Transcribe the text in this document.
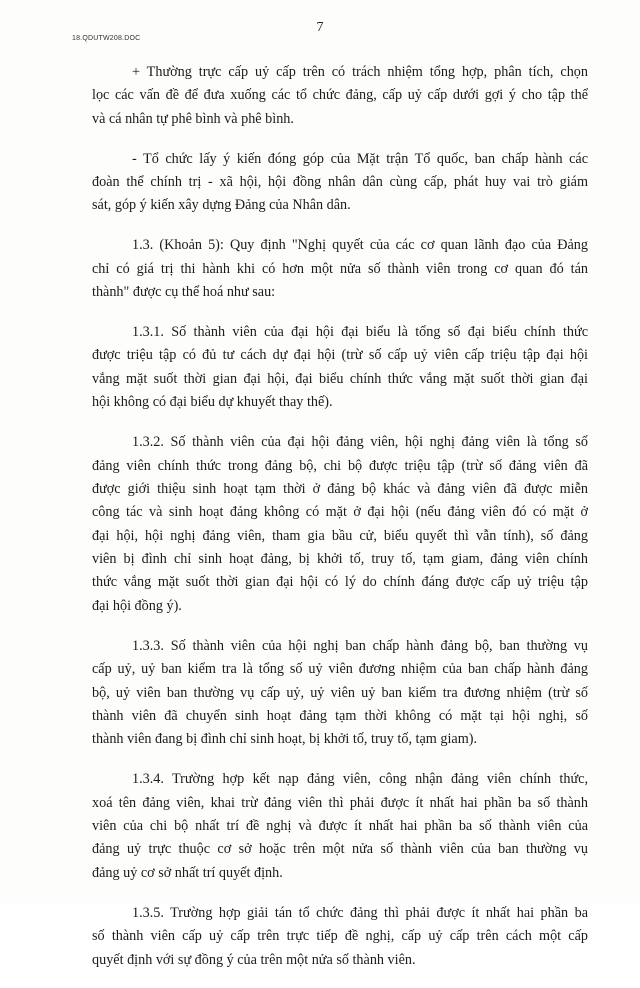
18.QDUTW208.DOC
7
+ Thường trực cấp uỷ cấp trên có trách nhiệm tổng hợp, phân tích, chọn
lọc các vấn đề để đưa xuống các tổ chức đảng, cấp uỷ cấp dưới gợi ý cho tập thể
và cá nhân tự phê bình và phê bình.
- Tổ chức lấy ý kiến đóng góp của Mặt trận Tổ quốc, ban chấp hành các
đoàn thể chính trị - xã hội, hội đồng nhân dân cùng cấp, phát huy vai trò giám
sát, góp ý kiến xây dựng Đảng của Nhân dân.
1.3. (Khoản 5): Quy định "Nghị quyết của các cơ quan lãnh đạo của Đảng
chỉ có giá trị thi hành khi có hơn một nửa số thành viên trong cơ quan đó tán
thành" được cụ thể hoá như sau:
1.3.1. Số thành viên của đại hội đại biểu là tổng số đại biểu chính thức
được triệu tập có đủ tư cách dự đại hội (trừ số cấp uỷ viên cấp triệu tập đại hội
vắng mặt suốt thời gian đại hội, đại biểu chính thức vắng mặt suốt thời gian đại
hội không có đại biểu dự khuyết thay thế).
1.3.2. Số thành viên của đại hội đảng viên, hội nghị đảng viên là tổng số
đảng viên chính thức trong đảng bộ, chi bộ được triệu tập (trừ số đảng viên đã
được giới thiệu sinh hoạt tạm thời ở đảng bộ khác và đảng viên đã được miễn
công tác và sinh hoạt đảng không có mặt ở đại hội (nếu đảng viên đó có mặt ở
đại hội, hội nghị đảng viên, tham gia bầu cử, biểu quyết thì vẫn tính), số đảng
viên bị đình chỉ sinh hoạt đảng, bị khởi tố, truy tố, tạm giam, đảng viên chính
thức vắng mặt suốt thời gian đại hội có lý do chính đáng được cấp uỷ triệu tập
đại hội đồng ý).
1.3.3. Số thành viên của hội nghị ban chấp hành đảng bộ, ban thường vụ
cấp uỷ, uỷ ban kiểm tra là tổng số uỷ viên đương nhiệm của ban chấp hành đảng
bộ, uỷ viên ban thường vụ cấp uỷ, uỷ viên uỷ ban kiểm tra đương nhiệm (trừ số
thành viên đã chuyển sinh hoạt đảng tạm thời không có mặt tại hội nghị, số
thành viên đang bị đình chỉ sinh hoạt, bị khởi tố, truy tố, tạm giam).
1.3.4. Trường hợp kết nạp đảng viên, công nhận đảng viên chính thức,
xoá tên đảng viên, khai trừ đảng viên thì phải được ít nhất hai phần ba số thành
viên của chi bộ nhất trí đề nghị và được ít nhất hai phần ba số thành viên của
đảng uỷ trực thuộc cơ sở hoặc trên một nửa số thành viên của ban thường vụ
đảng uỷ cơ sở nhất trí quyết định.
1.3.5. Trường hợp giải tán tổ chức đảng thì phải được ít nhất hai phần ba
số thành viên cấp uỷ cấp trên trực tiếp đề nghị, cấp uỷ cấp trên cách một cấp
quyết định với sự đồng ý của trên một nửa số thành viên.
